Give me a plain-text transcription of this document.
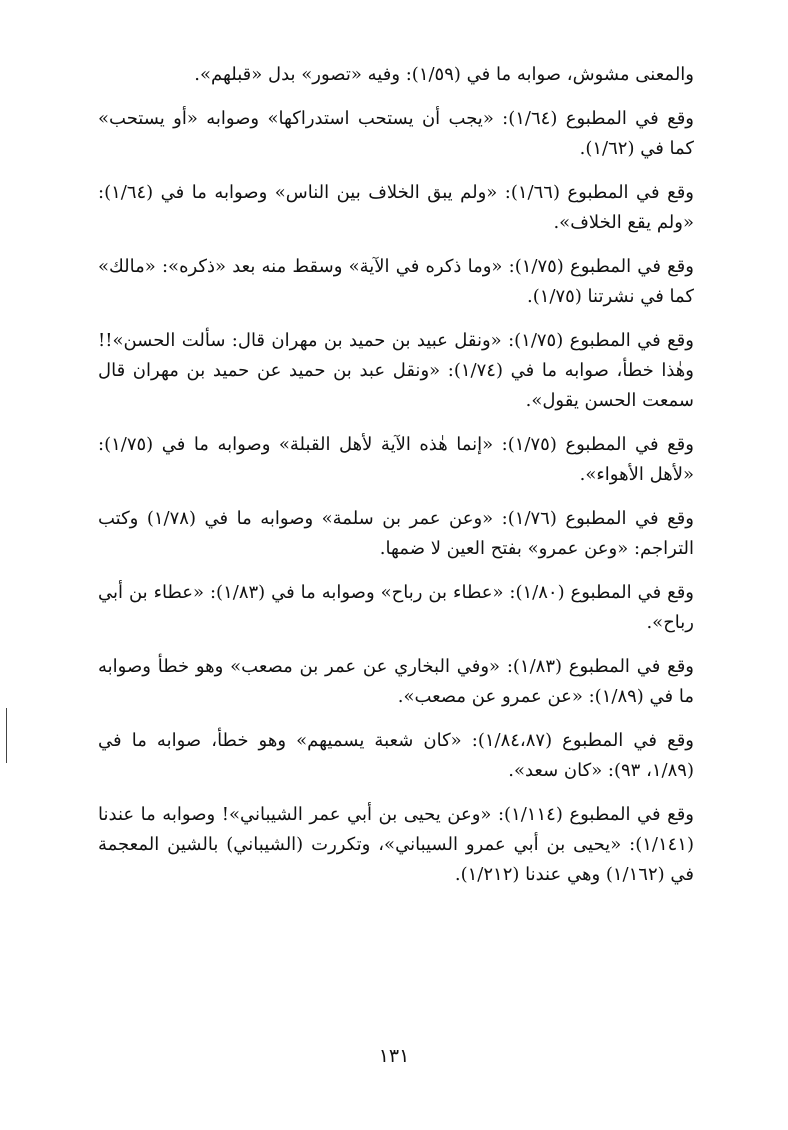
والمعنى مشوش، صوابه ما في (١/٥٩): وفيه «تصور» بدل «قبلهم».

وقع في المطبوع (١/٦٤): «يجب أن يستحب استدراكها» وصوابه «أو يستحب» كما في (١/٦٢).

وقع في المطبوع (١/٦٦): «ولم يبق الخلاف بين الناس» وصوابه ما في (١/٦٤): «ولم يقع الخلاف».

وقع في المطبوع (١/٧٥): «وما ذكره في الآية» وسقط منه بعد «ذكره»: «مالك» كما في نشرتنا (١/٧٥).

وقع في المطبوع (١/٧٥): «ونقل عبيد بن حميد بن مهران قال: سألت الحسن»!! وهٰذا خطأ، صوابه ما في (١/٧٤): «ونقل عبد بن حميد عن حميد بن مهران قال سمعت الحسن يقول».

وقع في المطبوع (١/٧٥): «إنما هٰذه الآية لأهل القبلة» وصوابه ما في (١/٧٥): «لأهل الأهواء».

وقع في المطبوع (١/٧٦): «وعن عمر بن سلمة» وصوابه ما في (١/٧٨) وكتب التراجم: «وعن عمرو» بفتح العين لا ضمها.

وقع في المطبوع (١/٨٠): «عطاء بن رباح» وصوابه ما في (١/٨٣): «عطاء بن أبي رباح».

وقع في المطبوع (١/٨٣): «وفي البخاري عن عمر بن مصعب» وهو خطأ وصوابه ما في (١/٨٩): «عن عمرو عن مصعب».

وقع في المطبوع (١/٨٤،٨٧): «كان شعبة يسميهم» وهو خطأ، صوابه ما في (١/٨٩، ٩٣): «كان سعد».

وقع في المطبوع (١/١١٤): «وعن يحيى بن أبي عمر الشيباني»! وصوابه ما عندنا (١/١٤١): «يحيى بن أبي عمرو السيباني»، وتكررت (الشيباني) بالشين المعجمة في (١/١٦٢) وهي عندنا (١/٢١٢).

١٣١
